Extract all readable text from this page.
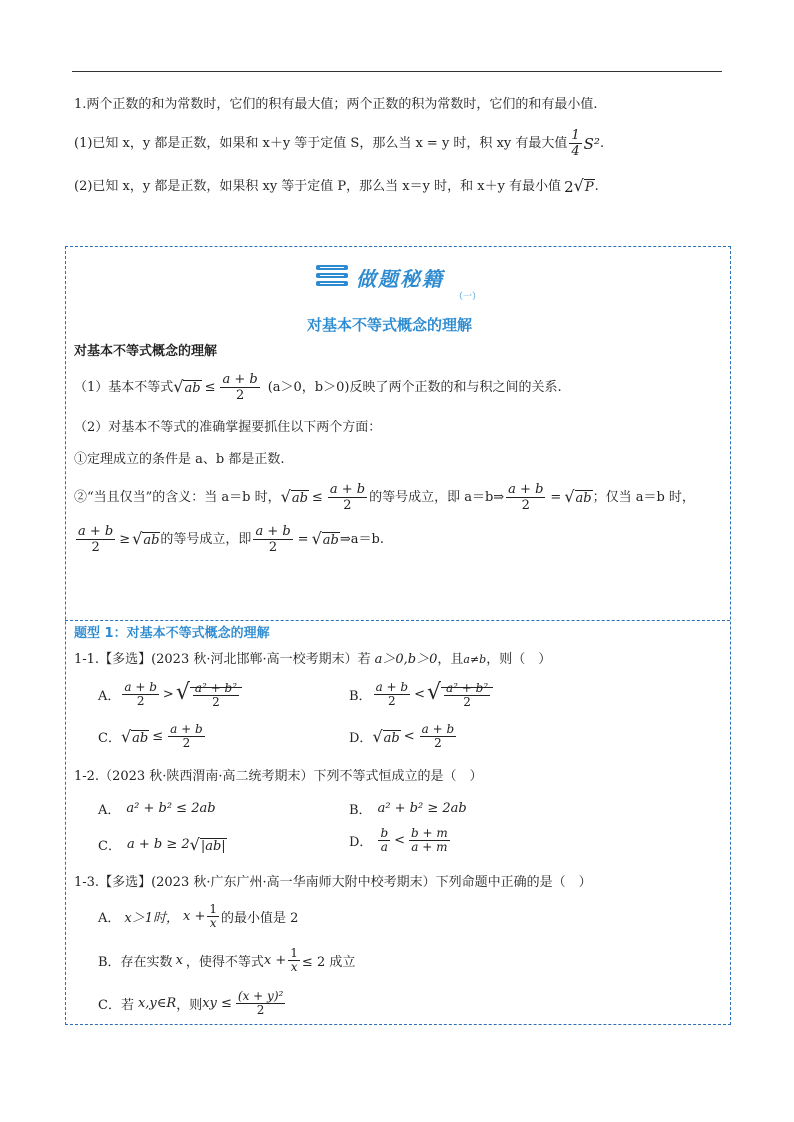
1.两个正数的和为常数时，它们的积有最大值；两个正数的积为常数时，它们的和有最小值.
(1)已知 x，y 都是正数，如果和 x＋y 等于定值 S，那么当 x = y 时，积 xy 有最大值 $\frac{1}{4} S^2$ .
(2)已知 x，y 都是正数，如果积 xy 等于定值 P，那么当 x＝y 时，和 x＋y 有最小值 2 √P .
做题秘籍
（一）
对基本不等式概念的理解
对基本不等式概念的理解
（1）基本不等式 $√ab \le \frac{a + b}{2} (a>0$，b＞0)反映了两个正数的和与积之间的关系.
（2）对基本不等式的准确掌握要抓住以下两个方面：
①定理成立的条件是 a、b 都是正数.
②“当且仅当”的含义：当 a＝b 时， $√ab \le \frac{a + b}{2}$ 的等号成立，即 a＝b⇒ $\frac{a + b}{2} = √ab$ ；仅当 a＝b 时，
$\frac{a + b}{2} \ge √ab$ 的等号成立，即 $\frac{a + b}{2} = √ab$ ⇒a＝b.
题型 1：对基本不等式概念的理解
1-1.【多选】(2023 秋·河北邯郸·高一校考期末）若 a＞0,b＞0 ，且 a≠b ，则（　）
A． $\frac{a + b}{2}$ > √ $\frac{\text{a² + b²}}{2}$	B． $\frac{a + b}{2}$ < √ $\frac{\text{a² + b²}}{2}$
C． $√ab \le \frac{a + b}{2}$	D． $√ab < \frac{a + b}{2}$
1-2.（2023 秋·陕西渭南·高二统考期末）下列不等式恒成立的是（　）
A． a² + b² ≤ 2ab	B． a² + b² ≥ 2ab
C． a + b ≥ 2 √|ab|	D． $\frac{b}{a} < \frac{b + m}{a + m}$
1-3.【多选】(2023 秋·广东广州·高一华南师大附中校考期末）下列命题中正确的是（　）
A． x＞1时， $x + \frac{1}{x}$ 的最小值是 2
B．存在实数 x ，使得不等式 $x + \frac{1}{x} \le 2$ 成立
C．若 x,y∈R ，则 xy ≤ $\frac{\text{(x + y)²}}{2}$
